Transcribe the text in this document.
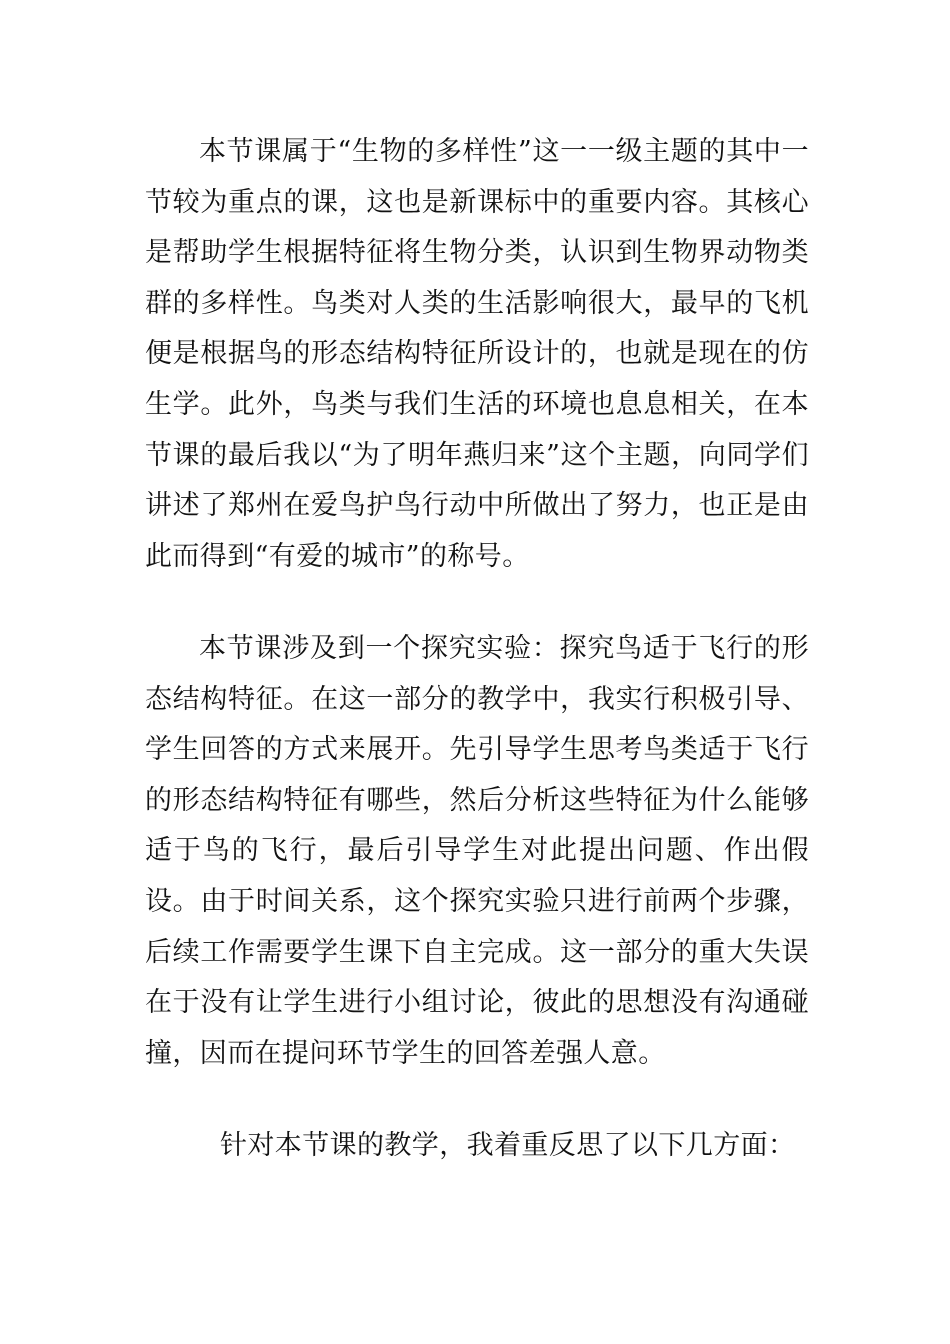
本节课属于“生物的多样性”这一一级主题的其中一节较为重点的课，这也是新课标中的重要内容。其核心是帮助学生根据特征将生物分类，认识到生物界动物类群的多样性。鸟类对人类的生活影响很大，最早的飞机便是根据鸟的形态结构特征所设计的，也就是现在的仿生学。此外，鸟类与我们生活的环境也息息相关，在本节课的最后我以“为了明年燕归来”这个主题，向同学们讲述了郑州在爱鸟护鸟行动中所做出了努力，也正是由此而得到“有爱的城市”的称号。

本节课涉及到一个探究实验：探究鸟适于飞行的形态结构特征。在这一部分的教学中，我实行积极引导、学生回答的方式来展开。先引导学生思考鸟类适于飞行的形态结构特征有哪些，然后分析这些特征为什么能够适于鸟的飞行，最后引导学生对此提出问题、作出假设。由于时间关系，这个探究实验只进行前两个步骤，后续工作需要学生课下自主完成。这一部分的重大失误在于没有让学生进行小组讨论，彼此的思想没有沟通碰撞，因而在提问环节学生的回答差强人意。

针对本节课的教学，我着重反思了以下几方面：
